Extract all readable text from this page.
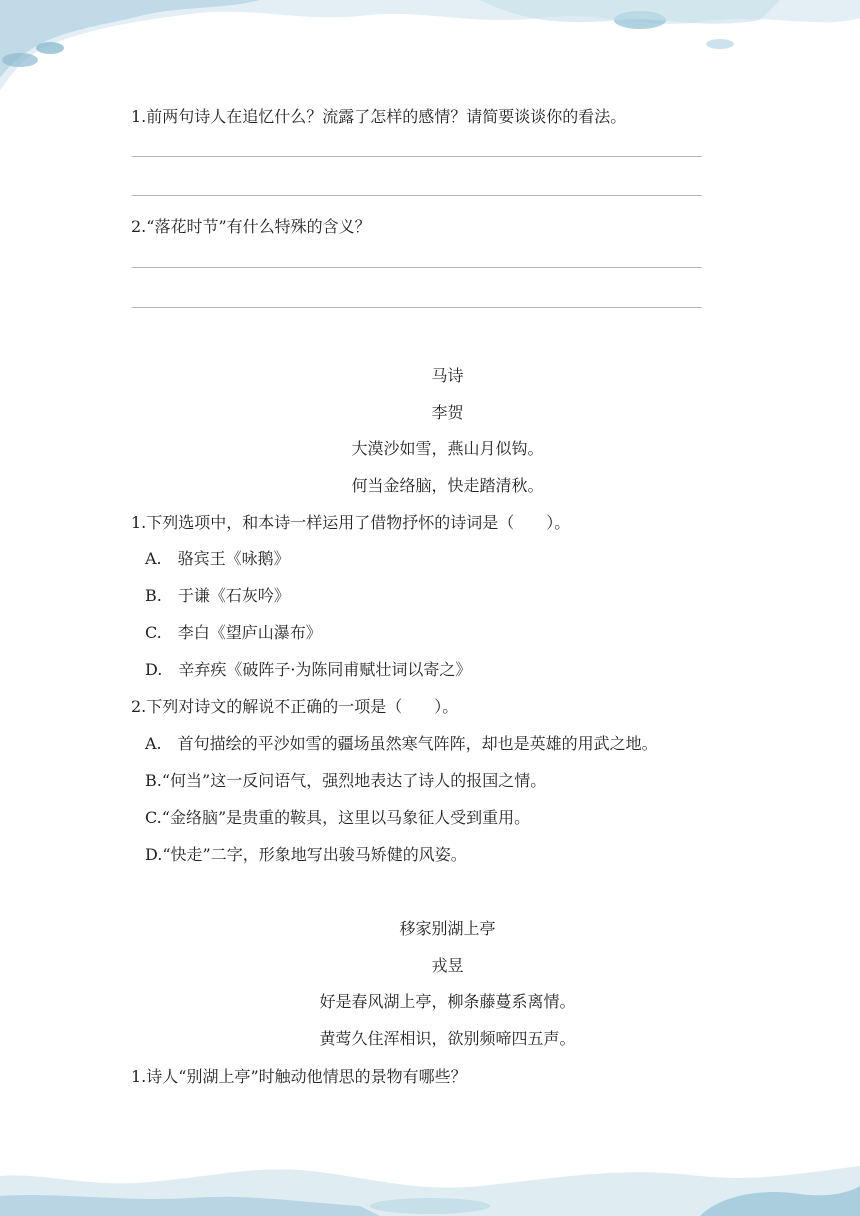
1.前两句诗人在追忆什么？流露了怎样的感情？请简要谈谈你的看法。
2.“落花时节”有什么特殊的含义？
马诗
李贺
大漠沙如雪，燕山月似钩。
何当金络脑，快走踏清秋。
1.下列选项中，和本诗一样运用了借物抒怀的诗词是（　　）。
A.　骆宾王《咏鹅》
B.　于谦《石灰吟》
C.　李白《望庐山瀑布》
D.　辛弃疾《破阵子·为陈同甫赋壮词以寄之》
2.下列对诗文的解说不正确的一项是（　　）。
A.　首句描绘的平沙如雪的疆场虽然寒气阵阵，却也是英雄的用武之地。
B.“何当”这一反问语气，强烈地表达了诗人的报国之情。
C.“金络脑”是贵重的鞍具，这里以马象征人受到重用。
D.“快走”二字，形象地写出骏马矫健的风姿。
移家别湖上亭
戎昱
好是春风湖上亭，柳条藤蔓系离情。
黄莺久住浑相识，欲别频啼四五声。
1.诗人“别湖上亭”时触动他情思的景物有哪些？
